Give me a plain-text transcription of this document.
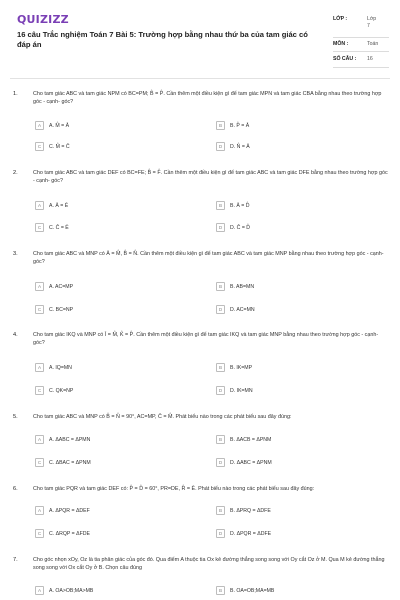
QUIZIZZ
16 câu Trắc nghiệm Toán 7 Bài 5: Trường hợp bằng nhau thứ ba của tam giác có đáp án
LỚP :	Lớp 7
MÔN :	Toán
SỐ CÂU :	16
1.	Cho tam giác ABC và tam giác NPM có BC=PM; B̂ = P̂. Cần thêm một điều kiện gì để tam giác MPN và tam giác CBA bằng nhau theo trường hợp góc - cạnh- góc?
A	A. M̂ = Â	B	B. P̂ = Â
C	C. M̂ = Ĉ	D	D. N̂ = Â
2.	Cho tam giác ABC và tam giác DEF có BC=FE; B̂ = F̂. Cần thêm một điều kiện gì để tam giác ABC và tam giác DFE bằng nhau theo trường hợp góc - cạnh- góc?
A	A. Â = Ê	B	B. Â = D̂
C	C. Ĉ = Ê	D	D. Ĉ = D̂
3.	Cho tam giác ABC và MNP có Â = M̂, B̂ = N̂. Cần thêm một điều kiện gì để tam giác ABC và tam giác MNP bằng nhau theo trường hợp góc - cạnh- góc?
A	A. AC=MP	B	B. AB=MN
C	C. BC=NP	D	D. AC=MN
4.	Cho tam giác IKQ và MNP có Î = M̂, K̂ = P̂. Cần thêm một điều kiện gì để tam giác IKQ và tam giác MNP bằng nhau theo trường hợp góc - cạnh- góc?
A	A. IQ=MN	B	B. IK=MP
C	C. QK=NP	D	D. IK=MN
5.	Cho tam giác ABC và MNP có B̂ = N̂ = 90°, AC=MP, Ĉ = M̂. Phát biểu nào trong các phát biểu sau đây đúng:
A	A. ΔABC = ΔPMN	B	B. ΔACB = ΔPNM
C	C. ΔBAC = ΔPNM	D	D. ΔABC = ΔPNM
6.	Cho tam giác PQR và tam giác DEF có: P̂ = D̂ = 60°, PR=DE, R̂ = Ê. Phát biểu nào trong các phát biểu sau đây đúng:
A	A. ΔPQR = ΔDEF	B	B. ΔPRQ = ΔDFE
C	C. ΔRQP = ΔFDE	D	D. ΔPQR = ΔDFE
7.	Cho góc nhọn xOy, Oz là tia phân giác của góc đó. Qua điểm A thuộc tia Ox kẻ đường thẳng song song với Oy cắt Oz ở M. Qua M kẻ đường thẳng song song với Ox cắt Oy ở B. Chọn câu đúng
A	A. OA>OB;MA>MB	B	B. OA=OB;MA=MB
